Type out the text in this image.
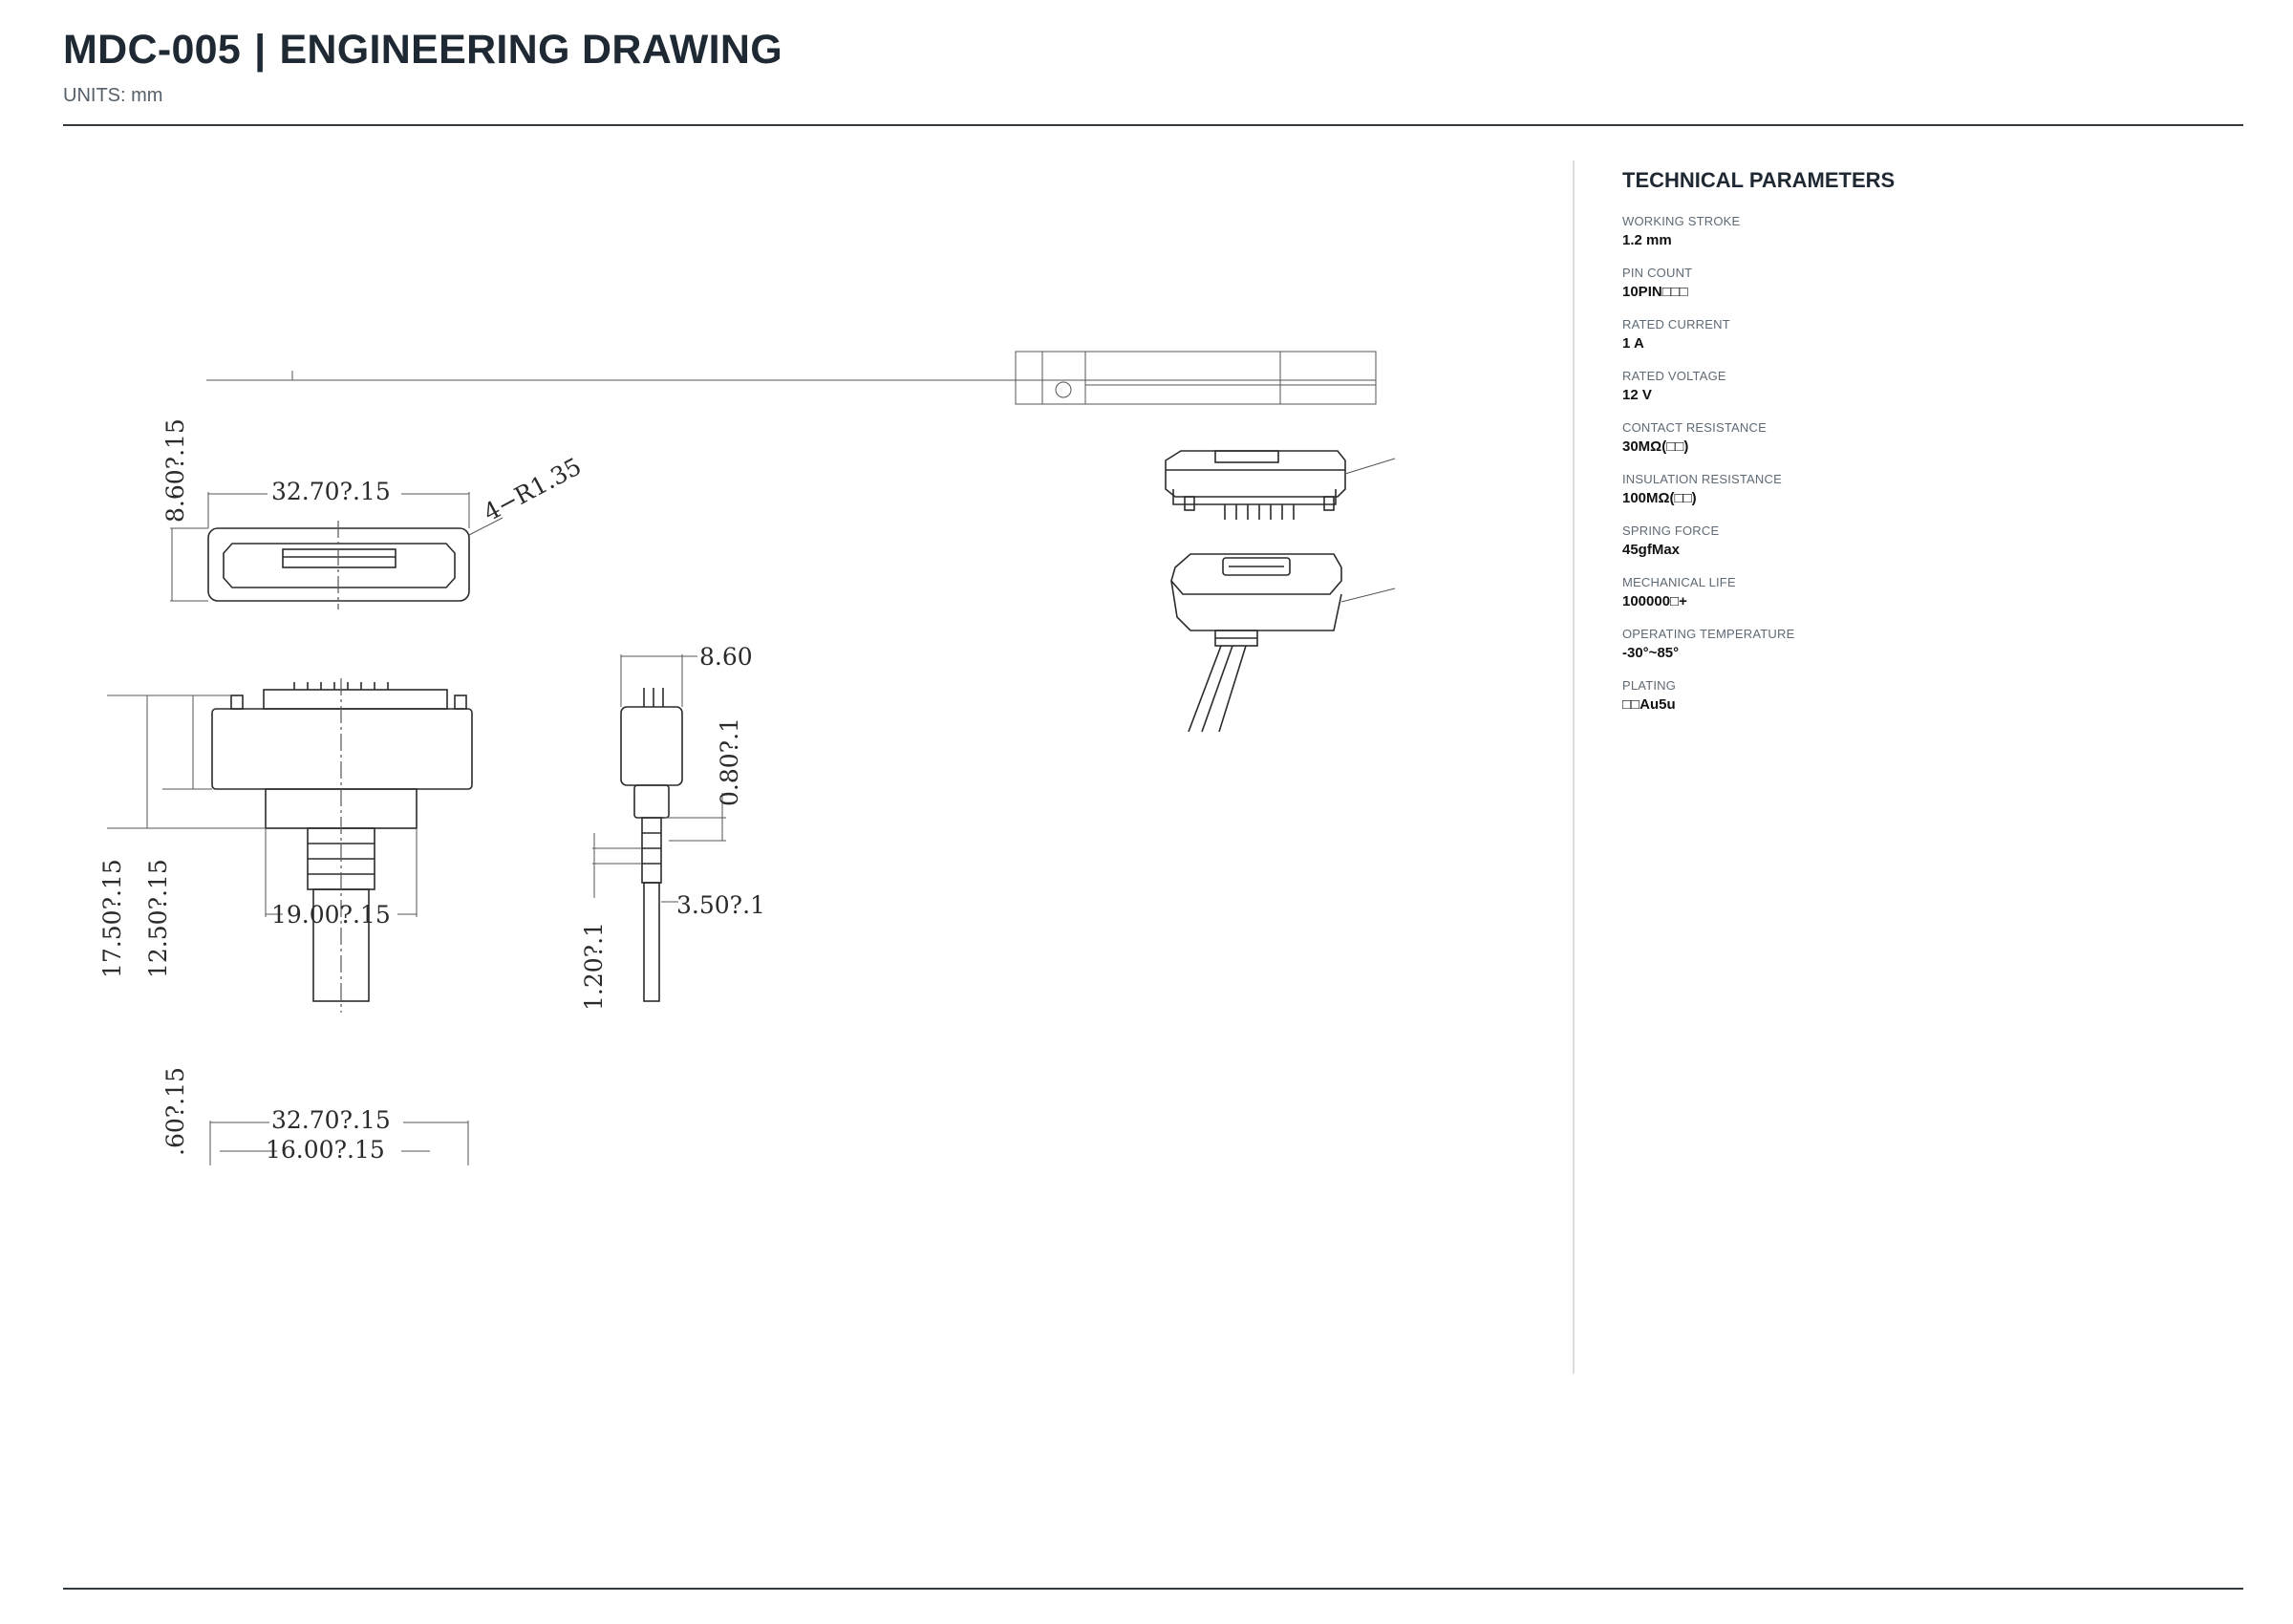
MDC-005 | ENGINEERING DRAWING
UNITS: mm
32.70?.15
8.60?.15	4−R1.35
19.00?.15
17.50?.15 12.50?.15
8.60
0.80?.1
3.50?.1
1.20?.1
32.70?.15
16.00?.15
.60?.15
TECHNICAL PARAMETERS
WORKING STROKE
1.2 mm
PIN COUNT
10PIN□□□
RATED CURRENT
1 A
RATED VOLTAGE
12 V
CONTACT RESISTANCE
30MΩ(□□)
INSULATION RESISTANCE
100MΩ(□□)
SPRING FORCE
45gfMax
MECHANICAL LIFE
100000□+
OPERATING TEMPERATURE
-30°~85°
PLATING
□□Au5u
